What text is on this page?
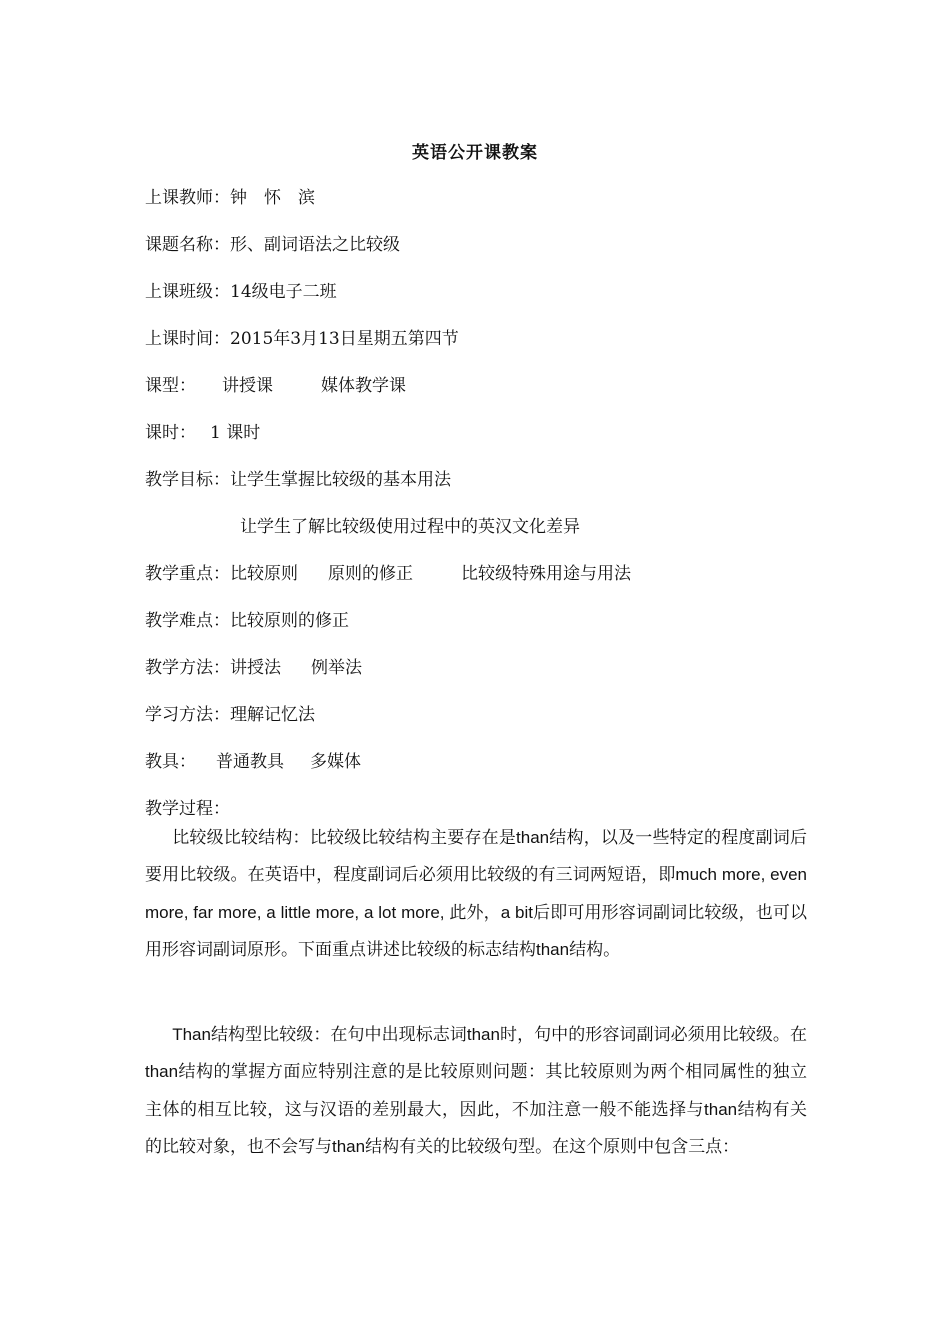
英语公开课教案
上课教师：钟　怀　滨
课题名称：形、副词语法之比较级
上课班级：14级电子二班
上课时间：2015年3月13日星期五第四节
课型： 讲授课	媒体教学课
课时： 1 课时
教学目标：让学生掌握比较级的基本用法
让学生了解比较级使用过程中的英汉文化差异
教学重点：比较原则 原则的修正	比较级特殊用途与用法
教学难点：比较原则的修正
教学方法：讲授法 例举法
学习方法：理解记忆法
教具： 普通教具 多媒体
教学过程：

比较级比较结构：比较级比较结构主要存在是than结构，以及一些特定的程度副词后要用比较级。在英语中，程度副词后必须用比较级的有三词两短语，即much more, even more, far more, a little more, a lot more, 此外，a bit后即可用形容词副词比较级，也可以用形容词副词原形。下面重点讲述比较级的标志结构than结构。

Than结构型比较级：在句中出现标志词than时，句中的形容词副词必须用比较级。在than结构的掌握方面应特别注意的是比较原则问题：其比较原则为两个相同属性的独立主体的相互比较，这与汉语的差别最大，因此，不加注意一般不能选择与than结构有关的比较对象，也不会写与than结构有关的比较级句型。在这个原则中包含三点：
